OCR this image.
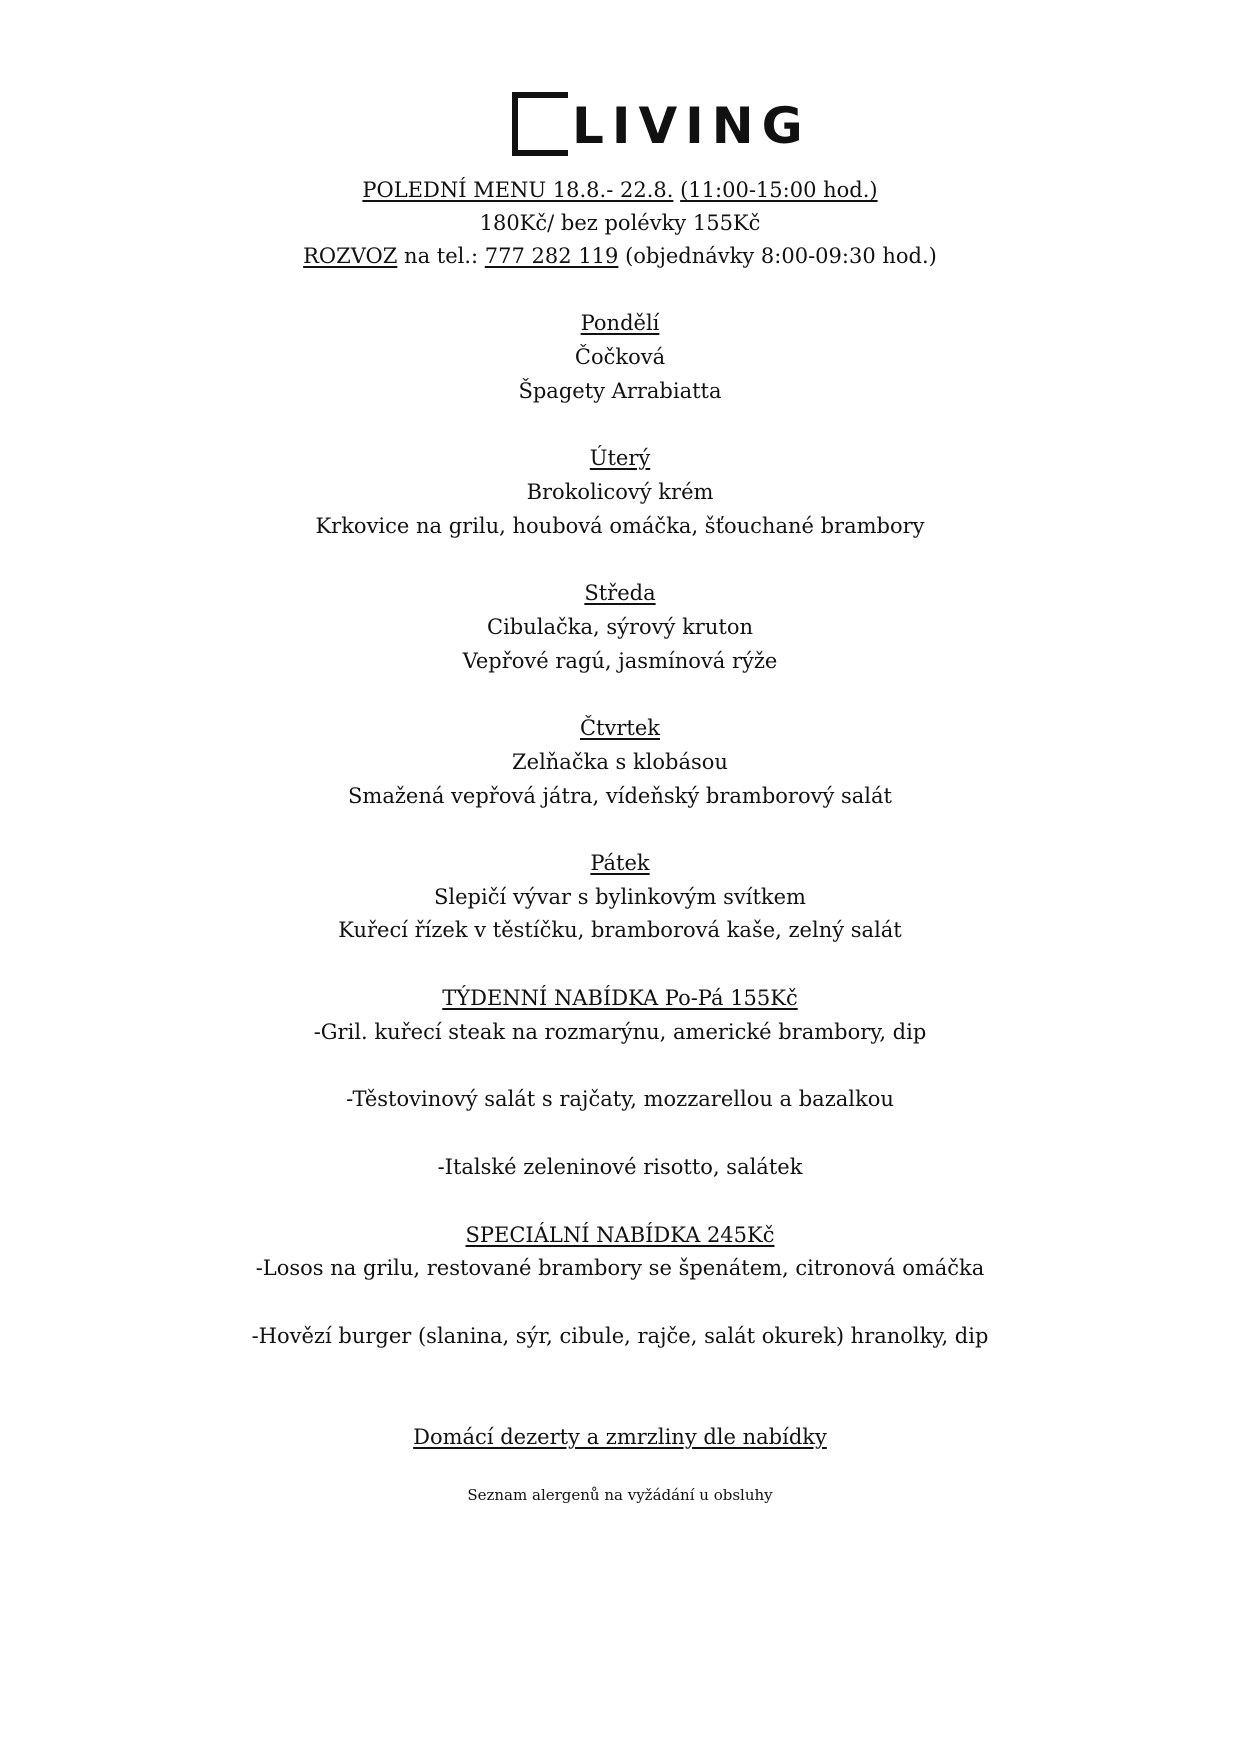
LIVING
POLEDNÍ MENU 18.8.- 22.8. (11:00-15:00 hod.)
180Kč/ bez polévky 155Kč
ROZVOZ na tel.: 777 282 119 (objednávky 8:00-09:30 hod.)
Pondělí
Čočková
Špagety Arrabiatta
Úterý
Brokolicový krém
Krkovice na grilu, houbová omáčka, šťouchané brambory
Středa
Cibulačka, sýrový kruton
Vepřové ragú, jasmínová rýže
Čtvrtek
Zelňačka s klobásou
Smažená vepřová játra, vídeňský bramborový salát
Pátek
Slepičí vývar s bylinkovým svítkem
Kuřecí řízek v těstíčku, bramborová kaše, zelný salát
TÝDENNÍ NABÍDKA Po-Pá 155Kč
-Gril. kuřecí steak na rozmarýnu, americké brambory, dip
-Těstovinový salát s rajčaty, mozzarellou a bazalkou
-Italské zeleninové risotto, salátek
SPECIÁLNÍ NABÍDKA 245Kč
-Losos na grilu, restované brambory se špenátem, citronová omáčka
-Hovězí burger (slanina, sýr, cibule, rajče, salát okurek) hranolky, dip
Domácí dezerty a zmrzliny dle nabídky
Seznam alergenů na vyžádání u obsluhy
